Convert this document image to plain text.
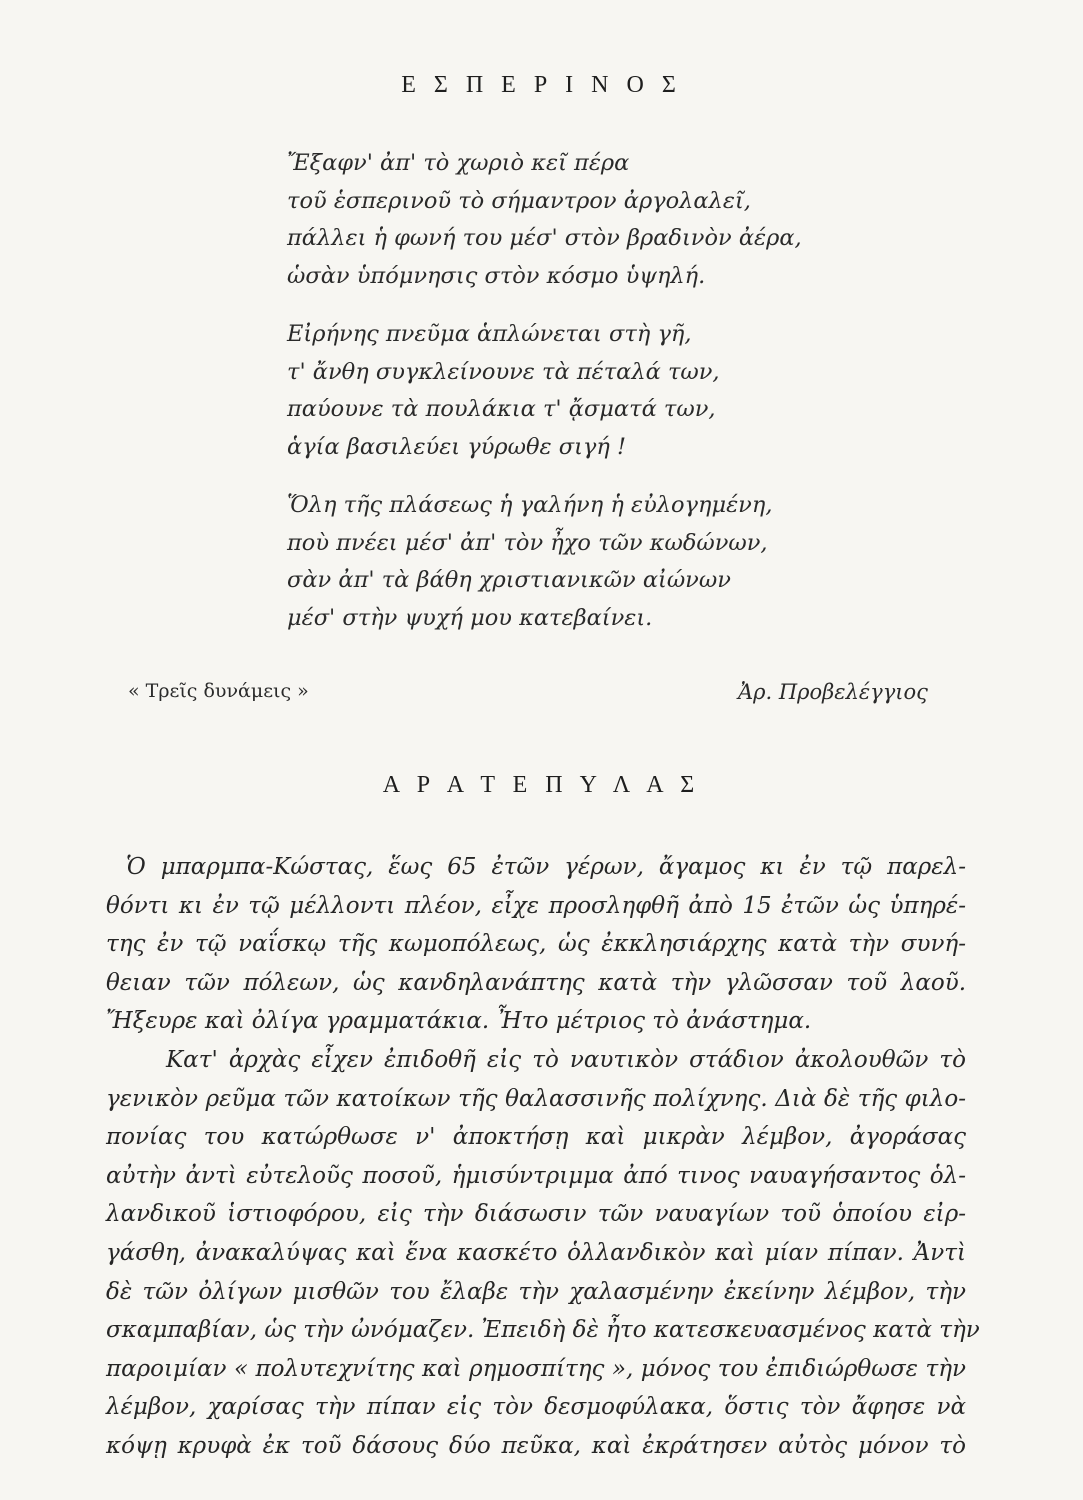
Ε Σ Π Ε Ρ Ι Ν Ο Σ
Ἔξαφν' ἀπ' τὸ χωριὸ κεῖ πέρα
τοῦ ἑσπερινοῦ τὸ σήμαντρον ἀργολαλεῖ,
πάλλει ἡ φωνή του μέσ' στὸν βραδινὸν ἀέρα,
ὡσὰν ὑπόμνησις στὸν κόσμο ὑψηλή.
Εἰρήνης πνεῦμα ἁπλώνεται στὴ γῆ,
τ' ἄνθη συγκλείνουνε τὰ πέταλά των,
παύουνε τὰ πουλάκια τ' ᾄσματά των,
ἁγία βασιλεύει γύρωθε σιγή !
Ὅλη τῆς πλάσεως ἡ γαλήνη ἡ εὐλογημένη,
ποὺ πνέει μέσ' ἀπ' τὸν ἦχο τῶν κωδώνων,
σὰν ἀπ' τὰ βάθη χριστιανικῶν αἰώνων
μέσ' στὴν ψυχή μου κατεβαίνει.
« Τρεῖς δυνάμεις »	Ἀρ. Προβελέγγιος
Α Ρ Α Τ Ε Π Υ Λ Α Σ
Ὁ μπαρμπα-Κώστας, ἕως 65 ἐτῶν γέρων, ἄγαμος κι ἐν τῷ παρελ-
θόντι κι ἐν τῷ μέλλοντι πλέον, εἶχε προσληφθῆ ἀπὸ 15 ἐτῶν ὡς ὑπηρέ-
της ἐν τῷ ναΐσκῳ τῆς κωμοπόλεως, ὡς ἐκκλησιάρχης κατὰ τὴν συνή-
θειαν τῶν πόλεων, ὡς κανδηλανάπτης κατὰ τὴν γλῶσσαν τοῦ λαοῦ.
Ἤξευρε καὶ ὀλίγα γραμματάκια. Ἦτο μέτριος τὸ ἀνάστημα.
Κατ' ἀρχὰς εἶχεν ἐπιδοθῆ εἰς τὸ ναυτικὸν στάδιον ἀκολουθῶν τὸ
γενικὸν ρεῦμα τῶν κατοίκων τῆς θαλασσινῆς πολίχνης. Διὰ δὲ τῆς φιλο-
πονίας του κατώρθωσε ν' ἀποκτήσῃ καὶ μικρὰν λέμβον, ἀγοράσας
αὐτὴν ἀντὶ εὐτελοῦς ποσοῦ, ἡμισύντριμμα ἀπό τινος ναυαγήσαντος ὁλ-
λανδικοῦ ἱστιοφόρου, εἰς τὴν διάσωσιν τῶν ναυαγίων τοῦ ὁποίου εἰρ-
γάσθη, ἀνακαλύψας καὶ ἕνα κασκέτο ὁλλανδικὸν καὶ μίαν πίπαν. Ἀντὶ
δὲ τῶν ὀλίγων μισθῶν του ἔλαβε τὴν χαλασμένην ἐκείνην λέμβον, τὴν
σκαμπαβίαν, ὡς τὴν ὠνόμαζεν. Ἐπειδὴ δὲ ἦτο κατεσκευασμένος κατὰ τὴν
παροιμίαν « πολυτεχνίτης καὶ ρημοσπίτης », μόνος του ἐπιδιώρθωσε τὴν
λέμβον, χαρίσας τὴν πίπαν εἰς τὸν δεσμοφύλακα, ὅστις τὸν ἄφησε νὰ
κόψῃ κρυφὰ ἐκ τοῦ δάσους δύο πεῦκα, καὶ ἐκράτησεν αὐτὸς μόνον τὸ
